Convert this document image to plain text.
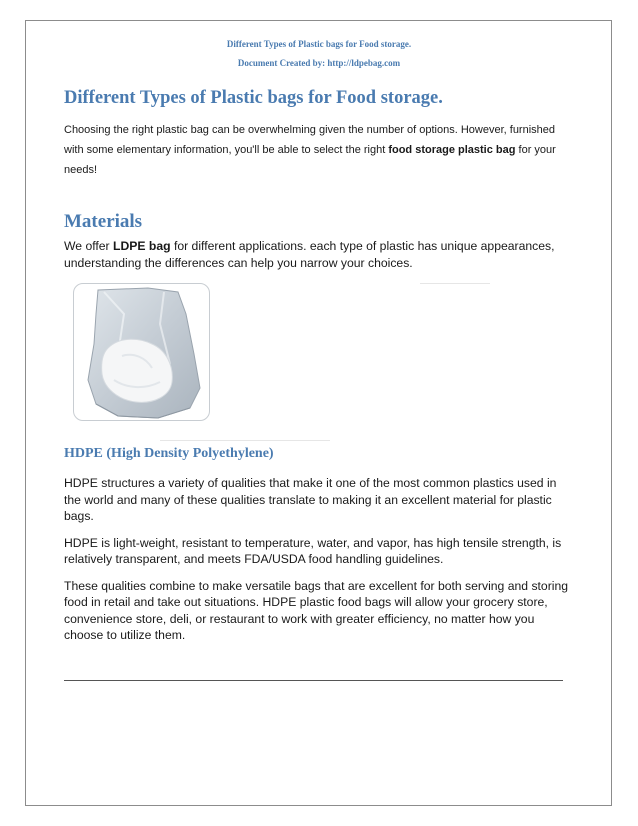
Different Types of Plastic bags for Food storage.
Document Created by: http://ldpebag.com
Different Types of Plastic bags for Food storage.

Choosing the right plastic bag can be overwhelming given the number of options. However, furnished with some elementary information, you'll be able to select the right food storage plastic bag for your needs!

Materials

We offer LDPE bag for different applications. each type of plastic has unique appearances, understanding the differences can help you narrow your choices.

HDPE (High Density Polyethylene)

HDPE structures a variety of qualities that make it one of the most common plastics used in the world and many of these qualities translate to making it an excellent material for plastic bags.

HDPE is light-weight, resistant to temperature, water, and vapor, has high tensile strength, is relatively transparent, and meets FDA/USDA food handling guidelines.

These qualities combine to make versatile bags that are excellent for both serving and storing food in retail and take out situations. HDPE plastic food bags will allow your grocery store, convenience store, deli, or restaurant to work with greater efficiency, no matter how you choose to utilize them.
